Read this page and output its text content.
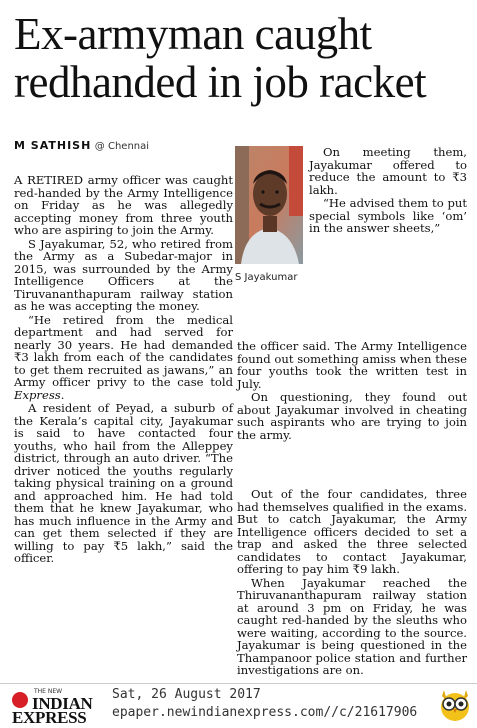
Ex-armyman caught redhanded in job racket
M SATHISH @ Chennai

A RETIRED army officer was caught red-handed by the Army Intelligence on Friday as he was allegedly accepting money from three youth who are aspiring to join the Army.

S Jayakumar, 52, who retired from the Army as a Subedar-major in 2015, was surrounded by the Army Intelligence Officers at the Tiruvananthapuram railway station as he was accepting the money.

“He retired from the medical department and had served for nearly 30 years. He had demanded ₹3 lakh from each of the candidates to get them recruited as jawans,” an Army officer privy to the case told Express.

A resident of Peyad, a suburb of the Kerala’s capital city, Jayakumar is said to have contacted four youths, who hail from the Alleppey district, through an auto driver. “The driver noticed the youths regularly taking physical training on a ground and approached him. He had told them that he knew Jayakumar, who has much influence in the Army and can get them selected if they are willing to pay ₹5 lakh,” said the officer.

S Jayakumar

On meeting them, Jayakumar offered to reduce the amount to ₹3 lakh.

“He advised them to put special symbols like ‘om’ in the answer sheets,”

the officer said. The Army Intelligence found out something amiss when these four youths took the written test in July.

On questioning, they found out about Jayakumar involved in cheating such aspirants who are trying to join the army.

Out of the four candidates, three had themselves qualified in the exams. But to catch Jayakumar, the Army Intelligence officers decided to set a trap and asked the three selected candidates to contact Jayakumar, offering to pay him ₹9 lakh.

When Jayakumar reached the Thiruvananthapuram railway station at around 3 pm on Friday, he was caught red-handed by the sleuths who were waiting, according to the source. Jayakumar is being questioned in the Thampanoor police station and further investigations are on.

THE NEW
INDIAN
EXPRESS
Sat, 26 August 2017
epaper.newindianexpress.com//c/21617906
